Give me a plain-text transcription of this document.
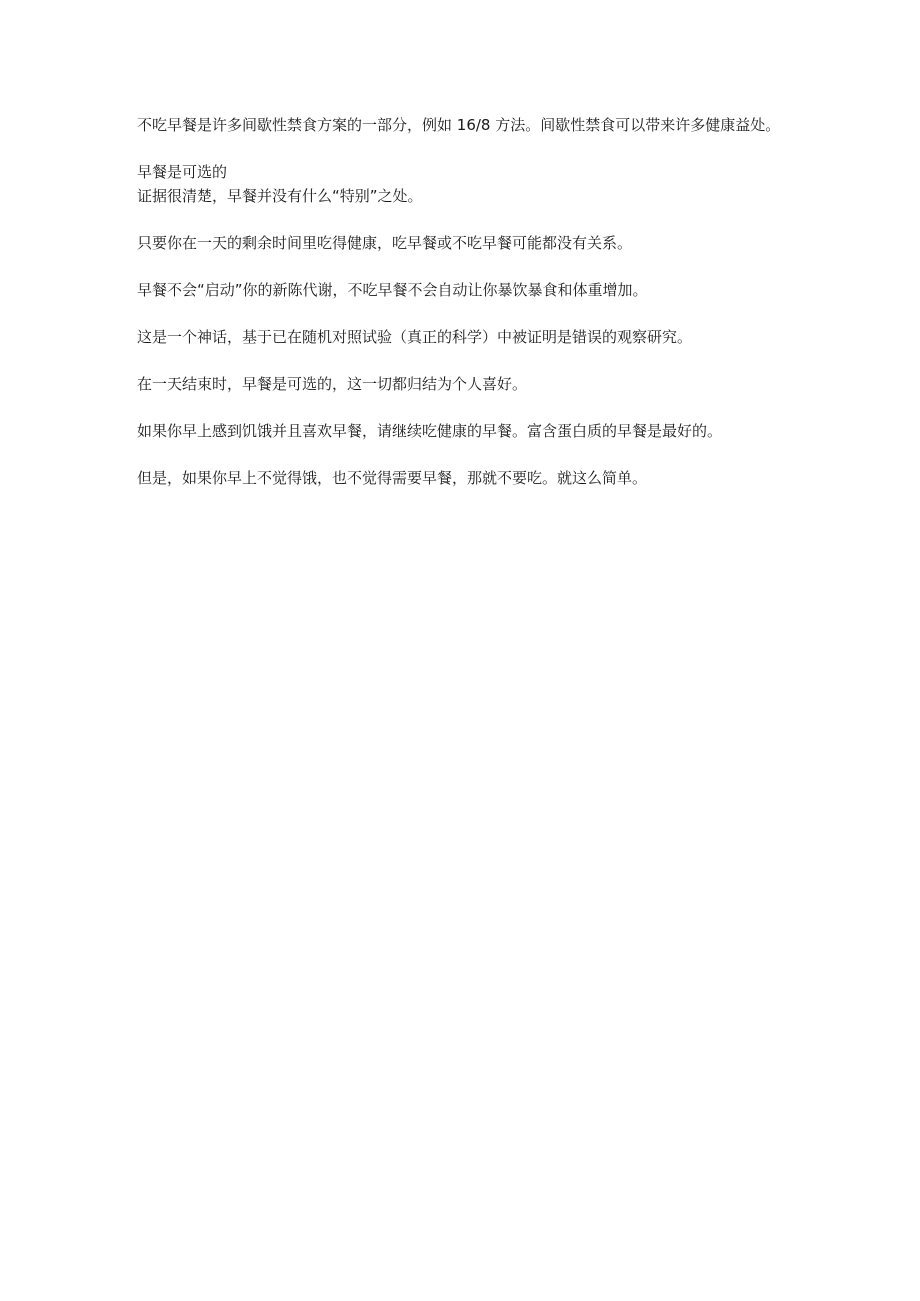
不吃早餐是许多间歇性禁食方案的一部分，例如 16/8 方法。间歇性禁食可以带来许多健康益处。

早餐是可选的

证据很清楚，早餐并没有什么“特别”之处。

只要你在一天的剩余时间里吃得健康，吃早餐或不吃早餐可能都没有关系。

早餐不会“启动”你的新陈代谢，不吃早餐不会自动让你暴饮暴食和体重增加。

这是一个神话，基于已在随机对照试验（真正的科学）中被证明是错误的观察研究。

在一天结束时，早餐是可选的，这一切都归结为个人喜好。

如果你早上感到饥饿并且喜欢早餐，请继续吃健康的早餐。富含蛋白质的早餐是最好的。

但是，如果你早上不觉得饿，也不觉得需要早餐，那就不要吃。就这么简单。
